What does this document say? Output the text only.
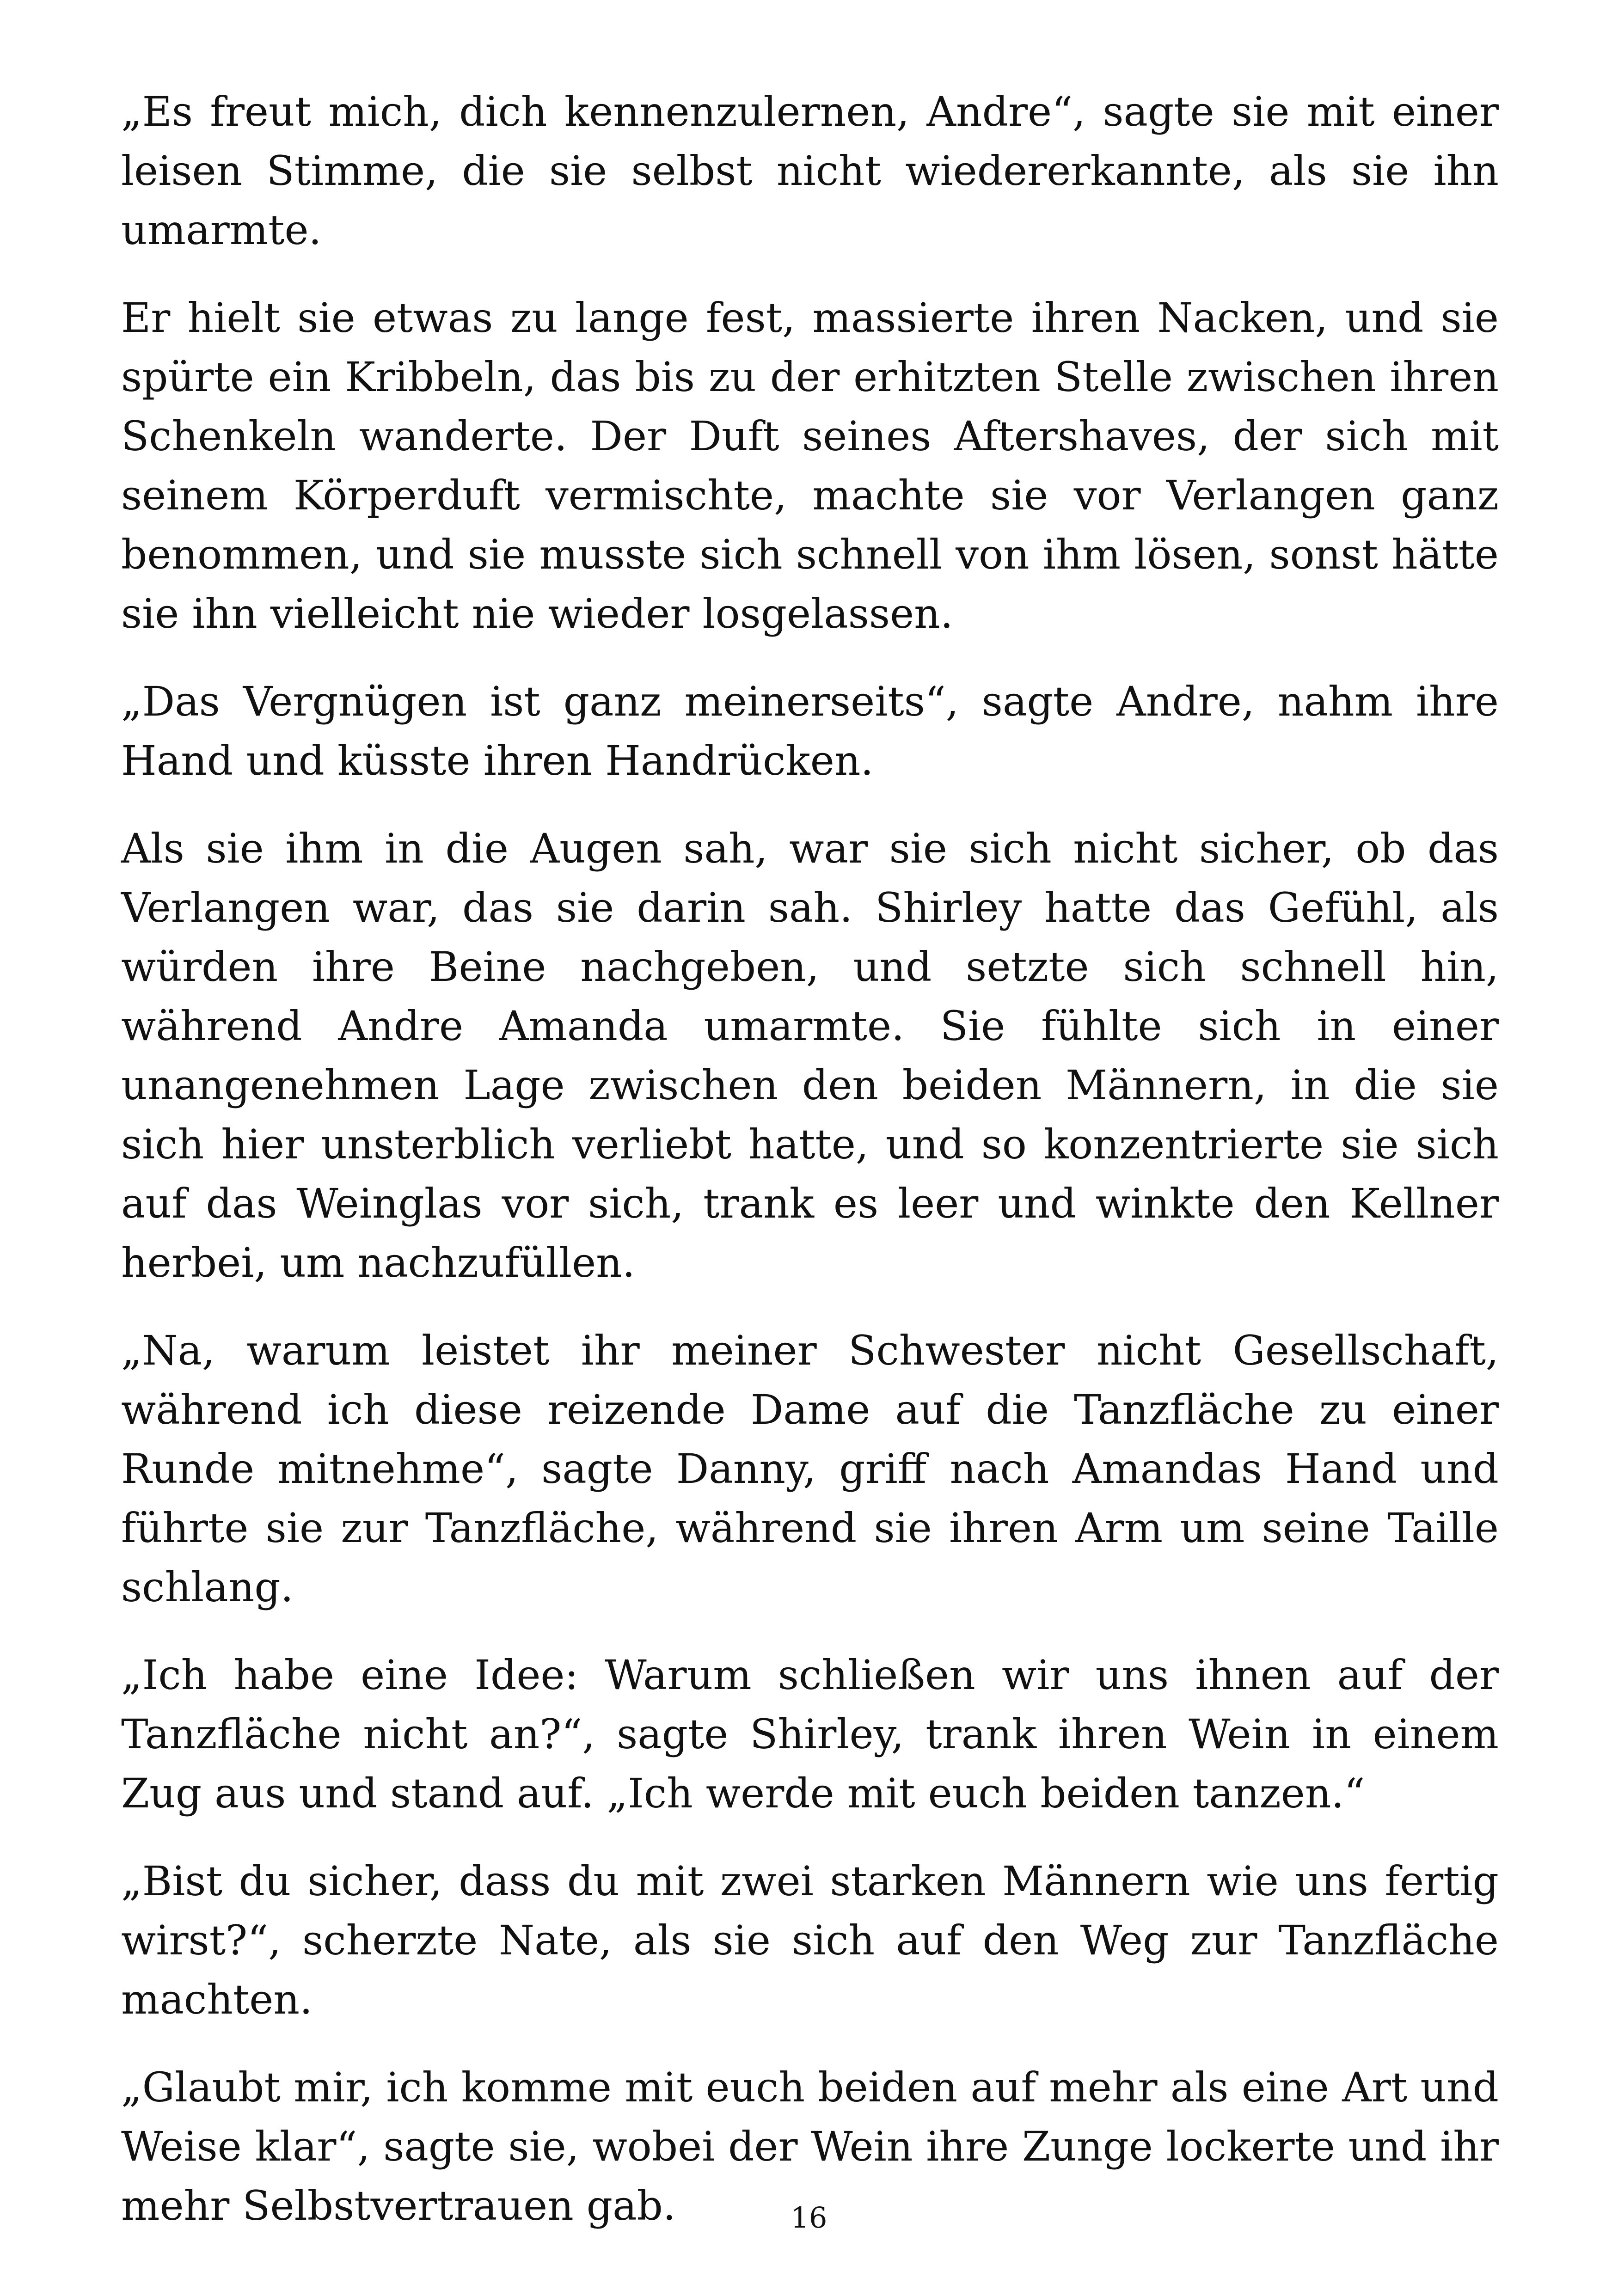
„Es freut mich, dich kennenzulernen, Andre“, sagte sie mit einer leisen Stimme, die sie selbst nicht wiedererkannte, als sie ihn umarmte.

Er hielt sie etwas zu lange fest, massierte ihren Nacken, und sie spürte ein Kribbeln, das bis zu der erhitzten Stelle zwischen ihren Schenkeln wanderte. Der Duft seines Aftershaves, der sich mit seinem Körperduft vermischte, machte sie vor Verlangen ganz benommen, und sie musste sich schnell von ihm lösen, sonst hätte sie ihn vielleicht nie wieder losgelassen.

„Das Vergnügen ist ganz meinerseits“, sagte Andre, nahm ihre Hand und küsste ihren Handrücken.

Als sie ihm in die Augen sah, war sie sich nicht sicher, ob das Verlangen war, das sie darin sah. Shirley hatte das Gefühl, als würden ihre Beine nachgeben, und setzte sich schnell hin, während Andre Amanda umarmte. Sie fühlte sich in einer unangenehmen Lage zwischen den beiden Männern, in die sie sich hier unsterblich verliebt hatte, und so konzentrierte sie sich auf das Weinglas vor sich, trank es leer und winkte den Kellner herbei, um nachzufüllen.

„Na, warum leistet ihr meiner Schwester nicht Gesellschaft, während ich diese reizende Dame auf die Tanzfläche zu einer Runde mitnehme“, sagte Danny, griff nach Amandas Hand und führte sie zur Tanzfläche, während sie ihren Arm um seine Taille schlang.

„Ich habe eine Idee: Warum schließen wir uns ihnen auf der Tanzfläche nicht an?“, sagte Shirley, trank ihren Wein in einem Zug aus und stand auf. „Ich werde mit euch beiden tanzen.“

„Bist du sicher, dass du mit zwei starken Männern wie uns fertig wirst?“, scherzte Nate, als sie sich auf den Weg zur Tanzfläche machten.

„Glaubt mir, ich komme mit euch beiden auf mehr als eine Art und Weise klar“, sagte sie, wobei der Wein ihre Zunge lockerte und ihr mehr Selbstvertrauen gab.	16
